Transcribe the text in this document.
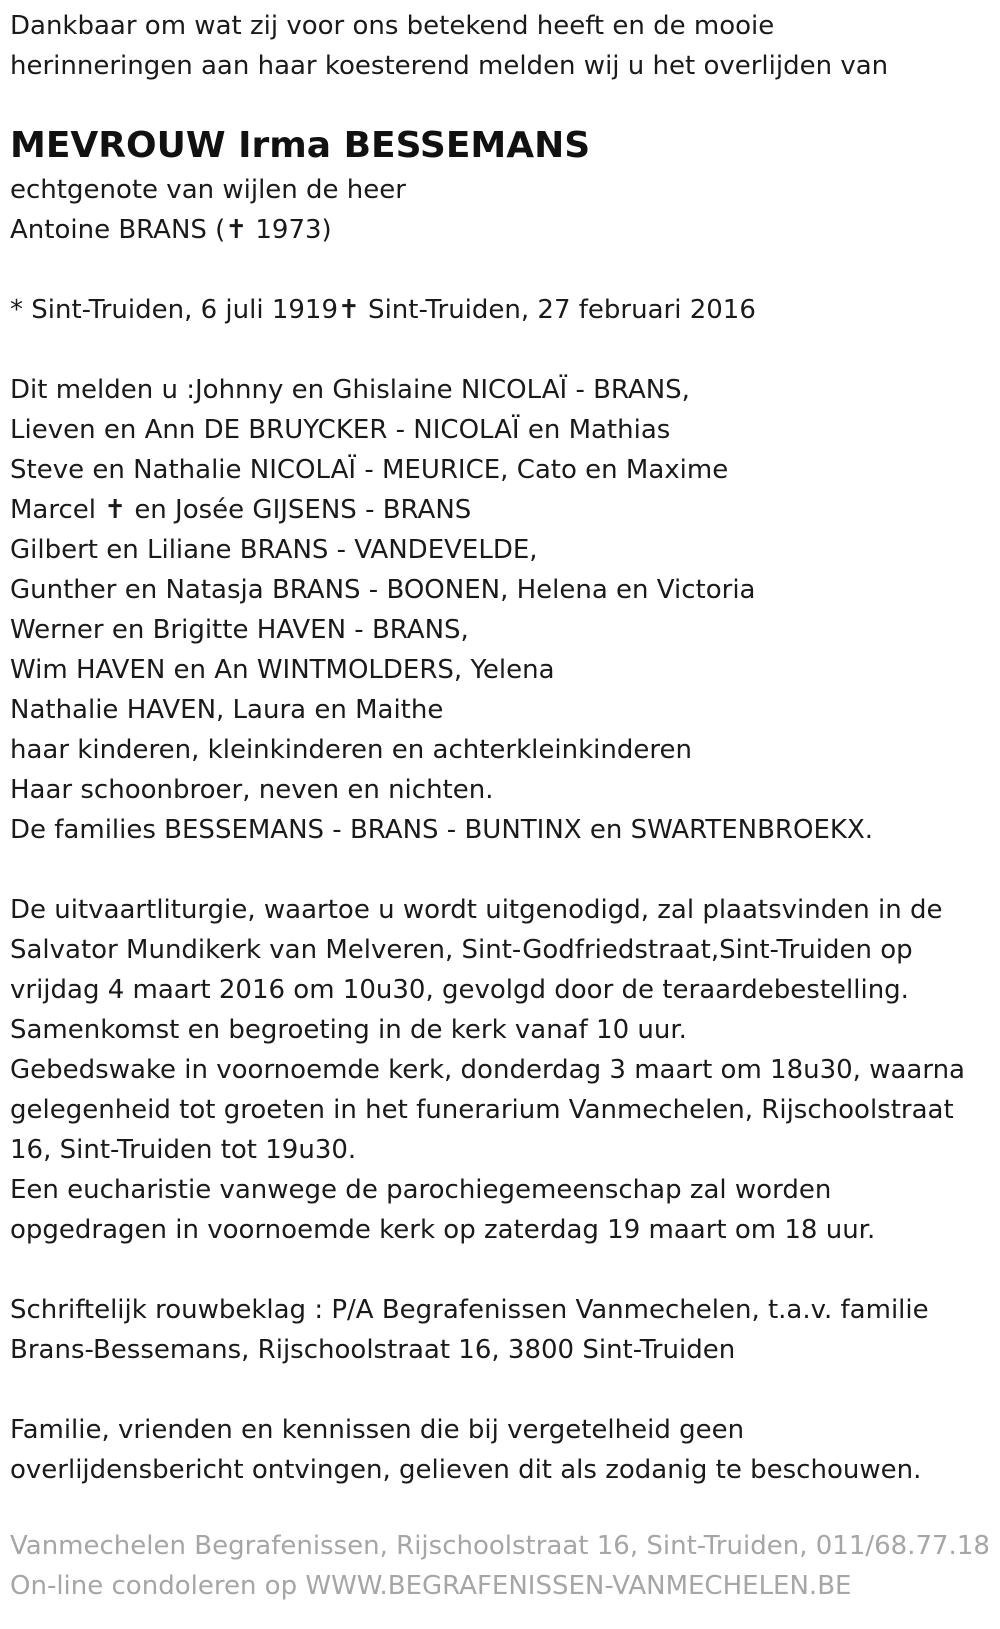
Dankbaar om wat zij voor ons betekend heeft en de mooie
herinneringen aan haar koesterend melden wij u het overlijden van
MEVROUW Irma BESSEMANS
echtgenote van wijlen de heer
Antoine BRANS (✝ 1973)
* Sint-Truiden, 6 juli 1919✝ Sint-Truiden, 27 februari 2016
Dit melden u :Johnny en Ghislaine NICOLAÏ - BRANS,
Lieven en Ann DE BRUYCKER - NICOLAÏ en Mathias
Steve en Nathalie NICOLAÏ - MEURICE, Cato en Maxime
Marcel ✝ en Josée GIJSENS - BRANS
Gilbert en Liliane BRANS - VANDEVELDE,
Gunther en Natasja BRANS - BOONEN, Helena en Victoria
Werner en Brigitte HAVEN - BRANS,
Wim HAVEN en An WINTMOLDERS, Yelena
Nathalie HAVEN, Laura en Maithe
haar kinderen, kleinkinderen en achterkleinkinderen
Haar schoonbroer, neven en nichten.
De families BESSEMANS - BRANS - BUNTINX en SWARTENBROEKX.
De uitvaartliturgie, waartoe u wordt uitgenodigd, zal plaatsvinden in de
Salvator Mundikerk van Melveren, Sint-Godfriedstraat,Sint-Truiden op
vrijdag 4 maart 2016 om 10u30, gevolgd door de teraardebestelling.
Samenkomst en begroeting in de kerk vanaf 10 uur.
Gebedswake in voornoemde kerk, donderdag 3 maart om 18u30, waarna
gelegenheid tot groeten in het funerarium Vanmechelen, Rijschoolstraat
16, Sint-Truiden tot 19u30.
Een eucharistie vanwege de parochiegemeenschap zal worden
opgedragen in voornoemde kerk op zaterdag 19 maart om 18 uur.
Schriftelijk rouwbeklag : P/A Begrafenissen Vanmechelen, t.a.v. familie
Brans-Bessemans, Rijschoolstraat 16, 3800 Sint-Truiden
Familie, vrienden en kennissen die bij vergetelheid geen
overlijdensbericht ontvingen, gelieven dit als zodanig te beschouwen.
Vanmechelen Begrafenissen, Rijschoolstraat 16, Sint-Truiden, 011/68.77.18
On-line condoleren op WWW.BEGRAFENISSEN-VANMECHELEN.BE
